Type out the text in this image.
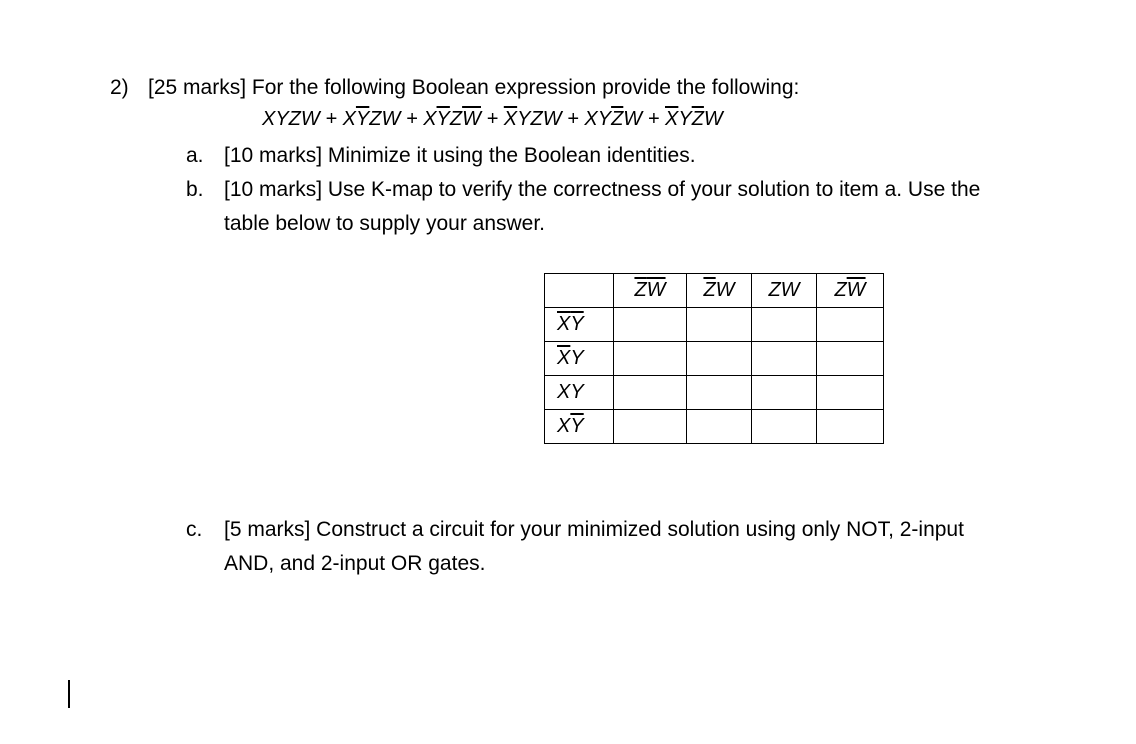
2) [25 marks] For the following Boolean expression provide the following:
XYZW + $X\overline{Y}ZW + X\overline{Y}Z\overline{W} + \overline{X}YZW + XY\overline{Z}W + \overline{X}Y\overline{Z}W$
a. [10 marks] Minimize it using the Boolean identities.
b. [10 marks] Use K-map to verify the correctness of your solution to item a. Use the
table below to supply your answer.
	$\overline{Z}\overline{W}$	$\overline{Z}W$	ZW	$Z\overline{W}$
$\overline{X}\overline{Y}$				
$\overline{X}Y$				
XY				
$X\overline{Y}$				
c. [5 marks] Construct a circuit for your minimized solution using only NOT, 2-input
AND, and 2-input OR gates.
